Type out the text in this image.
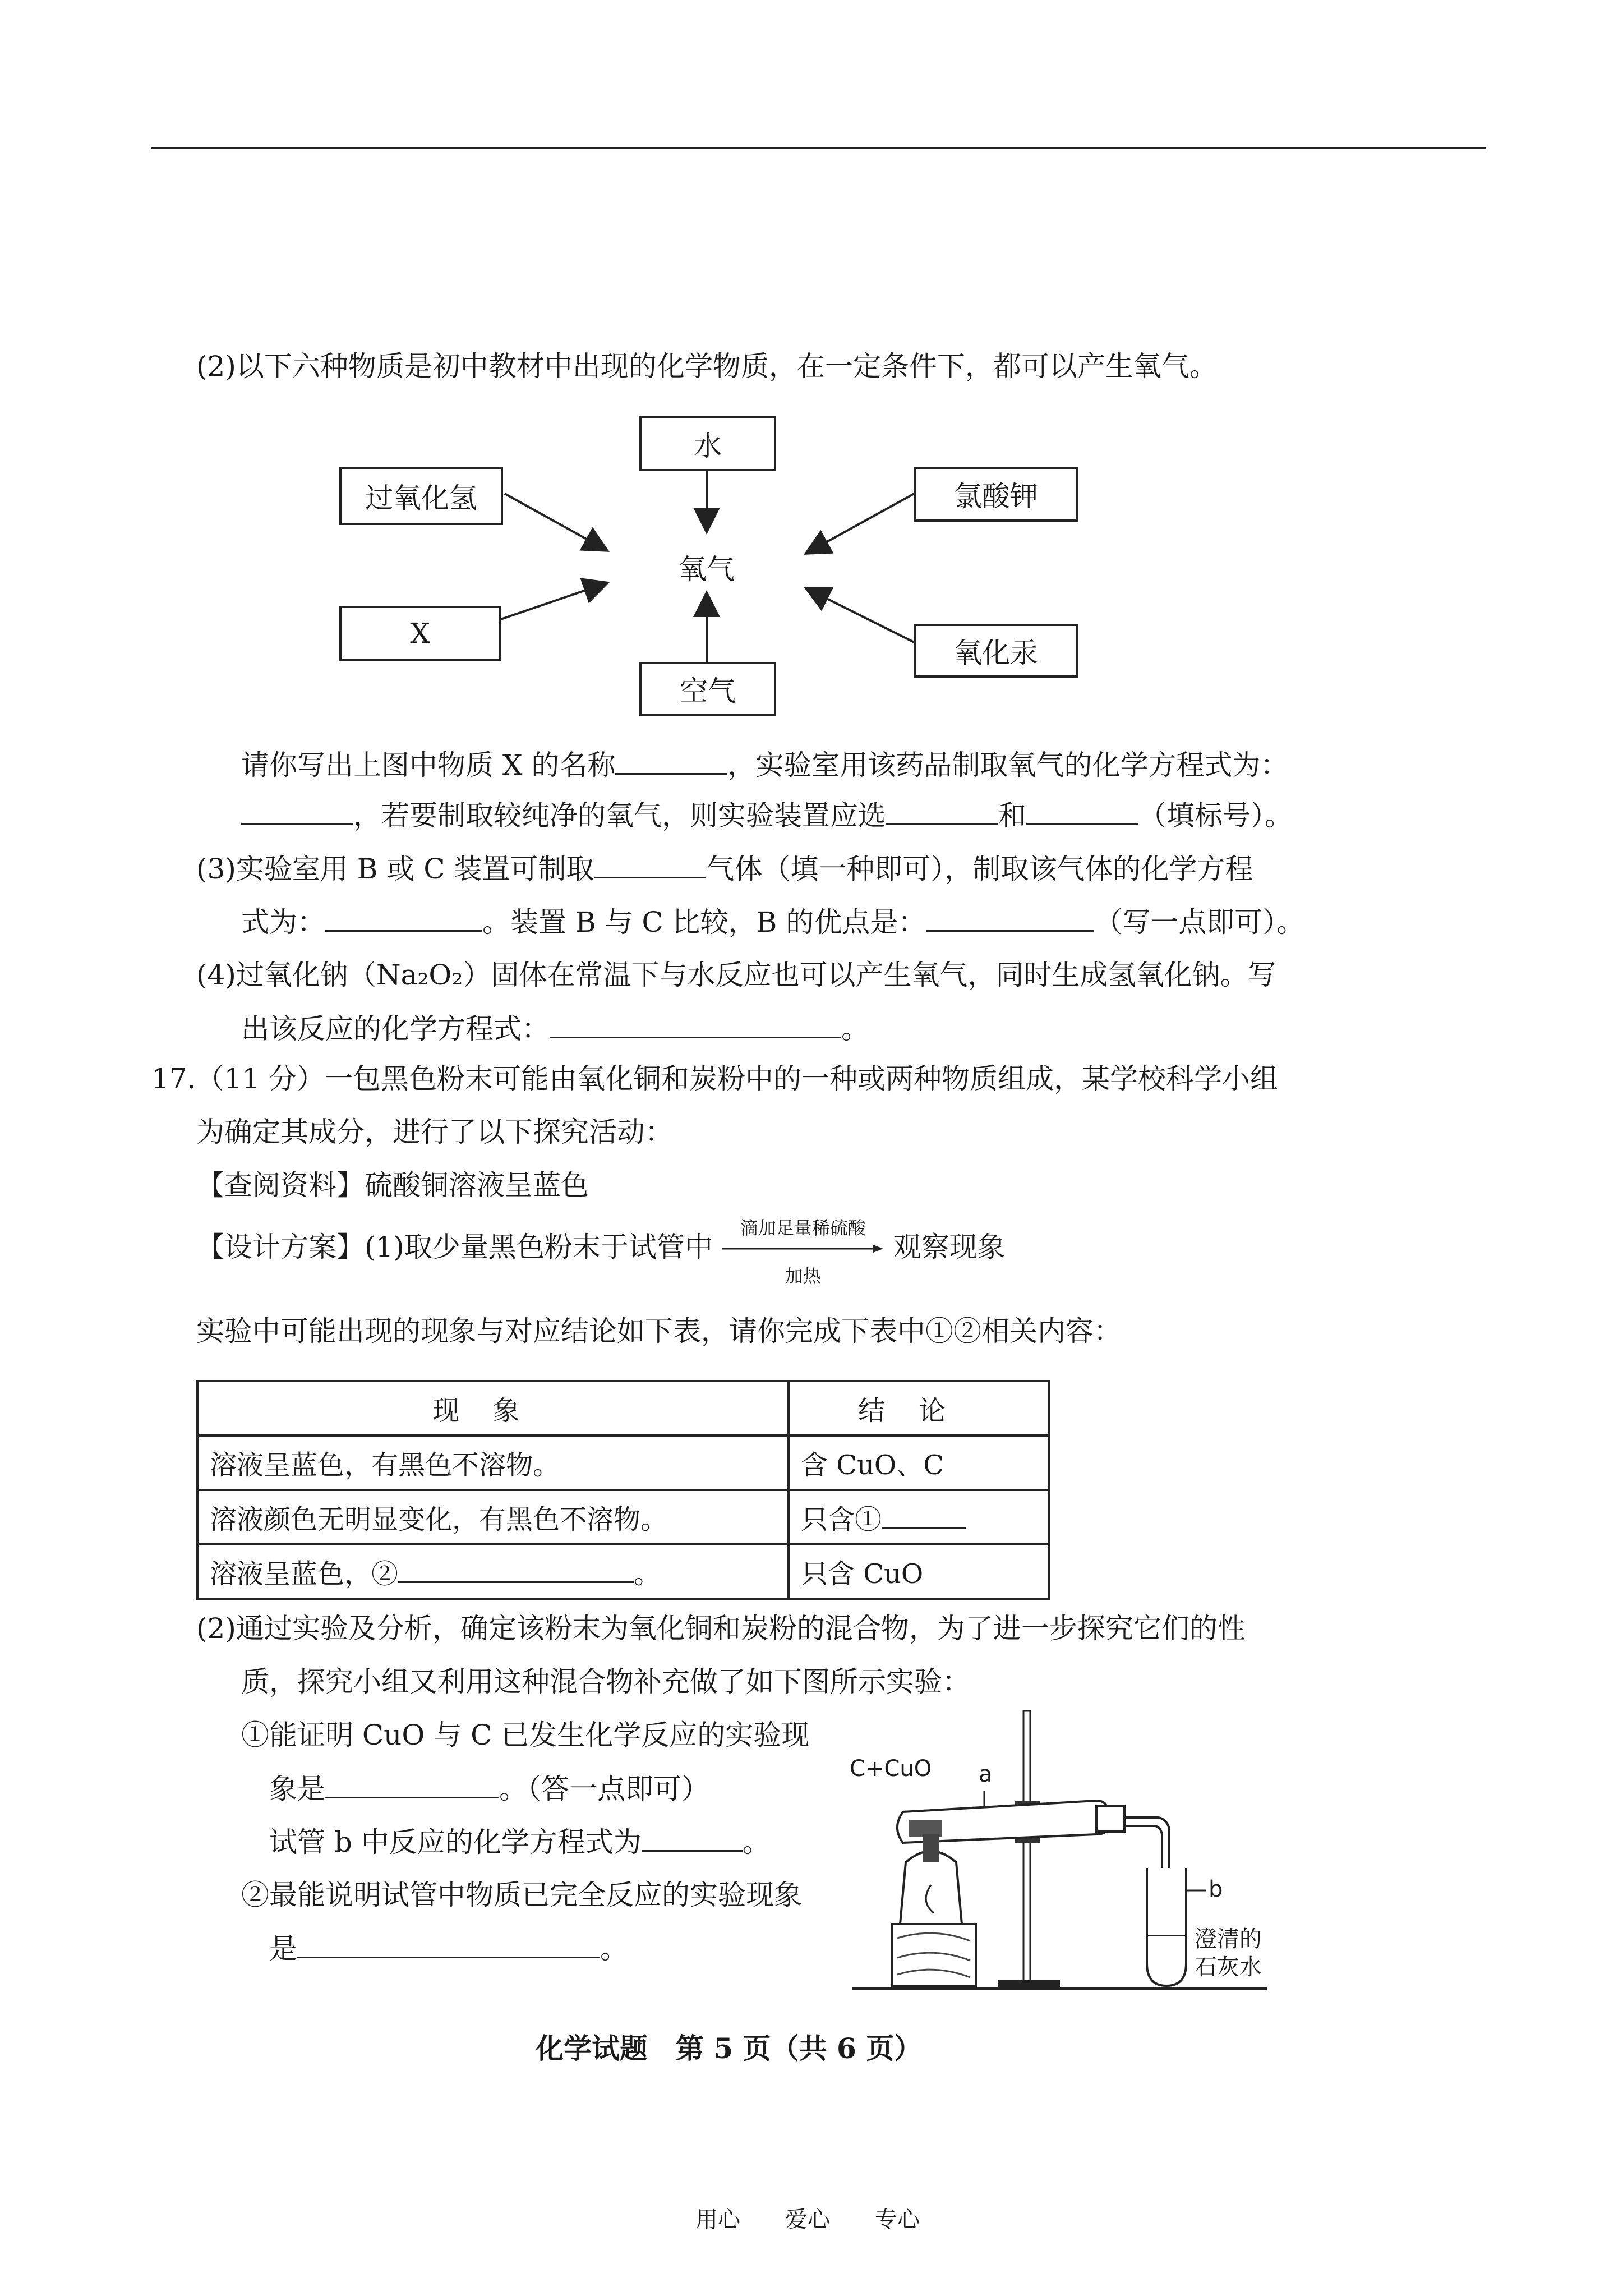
(2)以下六种物质是初中教材中出现的化学物质，在一定条件下，都可以产生氧气。
水
过氧化氢	氯酸钾
氧气
X
氧化汞
空气
请你写出上图中物质 X 的名称	，实验室用该药品制取氧气的化学方程式为：
，若要制取较纯净的氧气，则实验装置应选	和	（填标号）。
(3)实验室用 B 或 C 装置可制取	气体（填一种即可），制取该气体的化学方程
式为：	。装置 B 与 C 比较，B 的优点是：	（写一点即可）。
(4)过氧化钠（Na₂O₂）固体在常温下与水反应也可以产生氧气，同时生成氢氧化钠。写
出该反应的化学方程式：	。
17.（11 分）一包黑色粉末可能由氧化铜和炭粉中的一种或两种物质组成，某学校科学小组
为确定其成分，进行了以下探究活动：
【查阅资料】硫酸铜溶液呈蓝色
【设计方案】(1)取少量黑色粉末于试管中
滴加足量稀硫酸
加热
观察现象
实验中可能出现的现象与对应结论如下表，请你完成下表中①②相关内容：
现象	结论
溶液呈蓝色，有黑色不溶物。	含 CuO、C
溶液颜色无明显变化，有黑色不溶物。	只含①
溶液呈蓝色，② 。	只含 CuO
(2)通过实验及分析，确定该粉末为氧化铜和炭粉的混合物，为了进一步探究它们的性
质，探究小组又利用这种混合物补充做了如下图所示实验：
①能证明 CuO 与 C 已发生化学反应的实验现
象是	。（答一点即可）
试管 b 中反应的化学方程式为	。
②最能说明试管中物质已完全反应的实验现象
是	。
C+CuO a
b
澄清的
石灰水
化学试题　第 5 页（共 6 页）
用心　　爱心　　专心
